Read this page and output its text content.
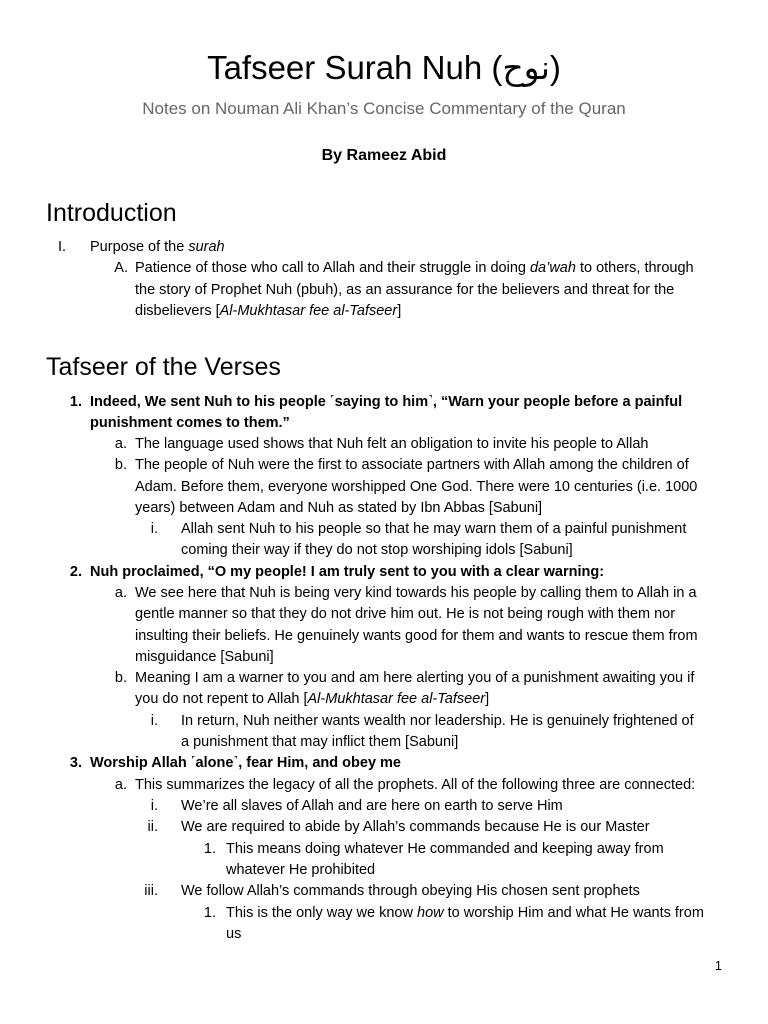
Tafseer Surah Nuh (نوح)
Notes on Nouman Ali Khan’s Concise Commentary of the Quran
By Rameez Abid
Introduction
I. Purpose of the surah
A. Patience of those who call to Allah and their struggle in doing da’wah to others, through
the story of Prophet Nuh (pbuh), as an assurance for the believers and threat for the
disbelievers [Al-Mukhtasar fee al-Tafseer]
Tafseer of the Verses
1. Indeed, We sent Nuh to his people ˹saying to him˺, “Warn your people before a painful
punishment comes to them.”
a. The language used shows that Nuh felt an obligation to invite his people to Allah
b. The people of Nuh were the first to associate partners with Allah among the children of
Adam. Before them, everyone worshipped One God. There were 10 centuries (i.e. 1000
years) between Adam and Nuh as stated by Ibn Abbas [Sabuni]
i. Allah sent Nuh to his people so that he may warn them of a painful punishment
coming their way if they do not stop worshiping idols [Sabuni]
2. Nuh proclaimed, “O my people! I am truly sent to you with a clear warning:
a. We see here that Nuh is being very kind towards his people by calling them to Allah in a
gentle manner so that they do not drive him out. He is not being rough with them nor
insulting their beliefs. He genuinely wants good for them and wants to rescue them from
misguidance [Sabuni]
b. Meaning I am a warner to you and am here alerting you of a punishment awaiting you if
you do not repent to Allah [Al-Mukhtasar fee al-Tafseer]
i. In return, Nuh neither wants wealth nor leadership. He is genuinely frightened of
a punishment that may inflict them [Sabuni]
3. Worship Allah ˹alone˺, fear Him, and obey me
a. This summarizes the legacy of all the prophets. All of the following three are connected:
i. We’re all slaves of Allah and are here on earth to serve Him
ii. We are required to abide by Allah’s commands because He is our Master
1. This means doing whatever He commanded and keeping away from
whatever He prohibited
iii. We follow Allah’s commands through obeying His chosen sent prophets
1. This is the only way we know how to worship Him and what He wants from
us
1
